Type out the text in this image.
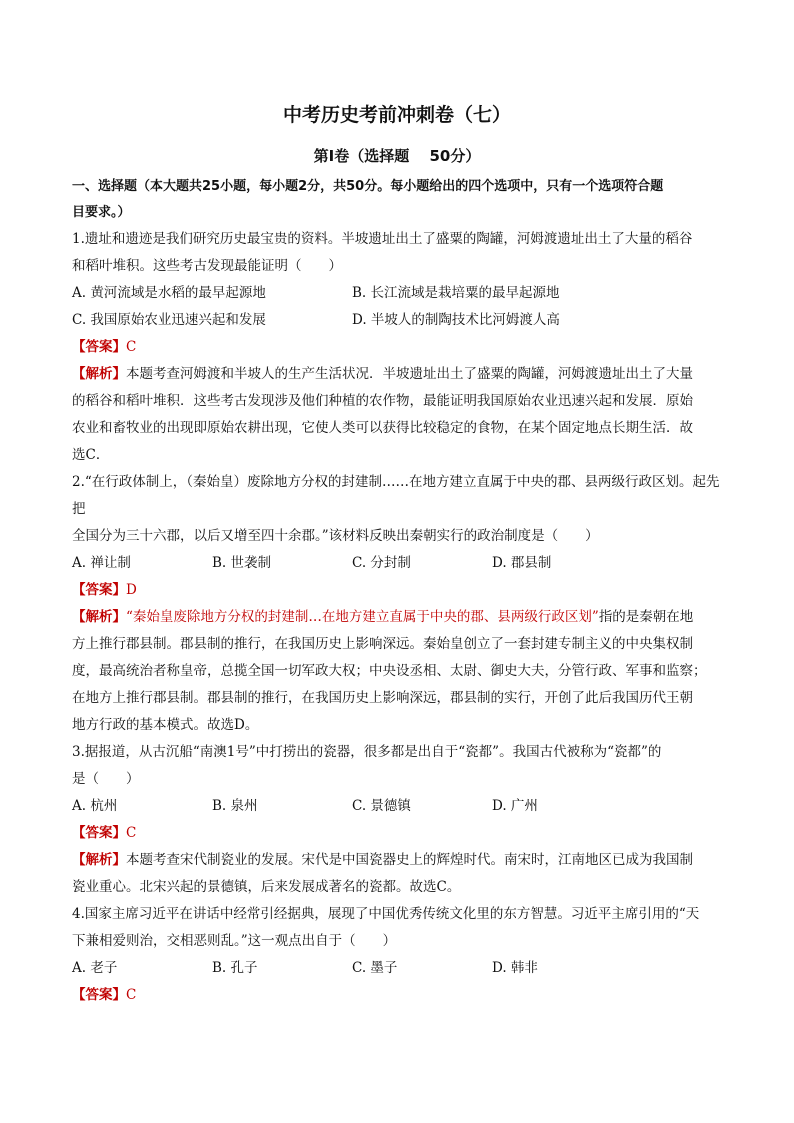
中考历史考前冲刺卷（七）
第Ⅰ卷（选择题　 50分）
一、选择题（本大题共25小题，每小题2分，共50分。每小题给出的四个选项中，只有一个选项符合题
目要求。）

1.遗址和遗迹是我们研究历史最宝贵的资料。半坡遗址出土了盛粟的陶罐，河姆渡遗址出土了大量的稻谷

和稻叶堆积。这些考古发现最能证明（　　）

A. 黄河流域是水稻的最早起源地	B. 长江流域是栽培粟的最早起源地
C. 我国原始农业迅速兴起和发展	D. 半坡人的制陶技术比河姆渡人高

【答案】C

【解析】本题考查河姆渡和半坡人的生产生活状况．半坡遗址出土了盛粟的陶罐，河姆渡遗址出土了大量

的稻谷和稻叶堆积．这些考古发现涉及他们种植的农作物，最能证明我国原始农业迅速兴起和发展．原始

农业和畜牧业的出现即原始农耕出现，它使人类可以获得比较稳定的食物，在某个固定地点长期生活．故

选C．

2.“在行政体制上，（秦始皇）废除地方分权的封建制……在地方建立直属于中央的郡、县两级行政区划。起先把

全国分为三十六郡，以后又增至四十余郡。”该材料反映出秦朝实行的政治制度是（　　）

A. 禅让制	B. 世袭制	C. 分封制	D. 郡县制

【答案】D

【解析】“秦始皇废除地方分权的封建制…在地方建立直属于中央的郡、县两级行政区划”指的是秦朝在地

方上推行郡县制。郡县制的推行，在我国历史上影响深远。秦始皇创立了一套封建专制主义的中央集权制

度，最高统治者称皇帝，总揽全国一切军政大权；中央设丞相、太尉、御史大夫，分管行政、军事和监察；

在地方上推行郡县制。郡县制的推行，在我国历史上影响深远，郡县制的实行，开创了此后我国历代王朝

地方行政的基本模式。故选D。

3.据报道，从古沉船“南澳1号”中打捞出的瓷器，很多都是出自于“瓷都”。我国古代被称为“瓷都”的

是（　　）

A. 杭州	B. 泉州	C. 景德镇	D. 广州

【答案】C

【解析】本题考查宋代制瓷业的发展。宋代是中国瓷器史上的辉煌时代。南宋时，江南地区已成为我国制

瓷业重心。北宋兴起的景德镇，后来发展成著名的瓷都。故选C。

4.国家主席习近平在讲话中经常引经据典，展现了中国优秀传统文化里的东方智慧。习近平主席引用的“天

下兼相爱则治，交相恶则乱。”这一观点出自于（　　）

A. 老子	B. 孔子	C. 墨子	D. 韩非

【答案】C
